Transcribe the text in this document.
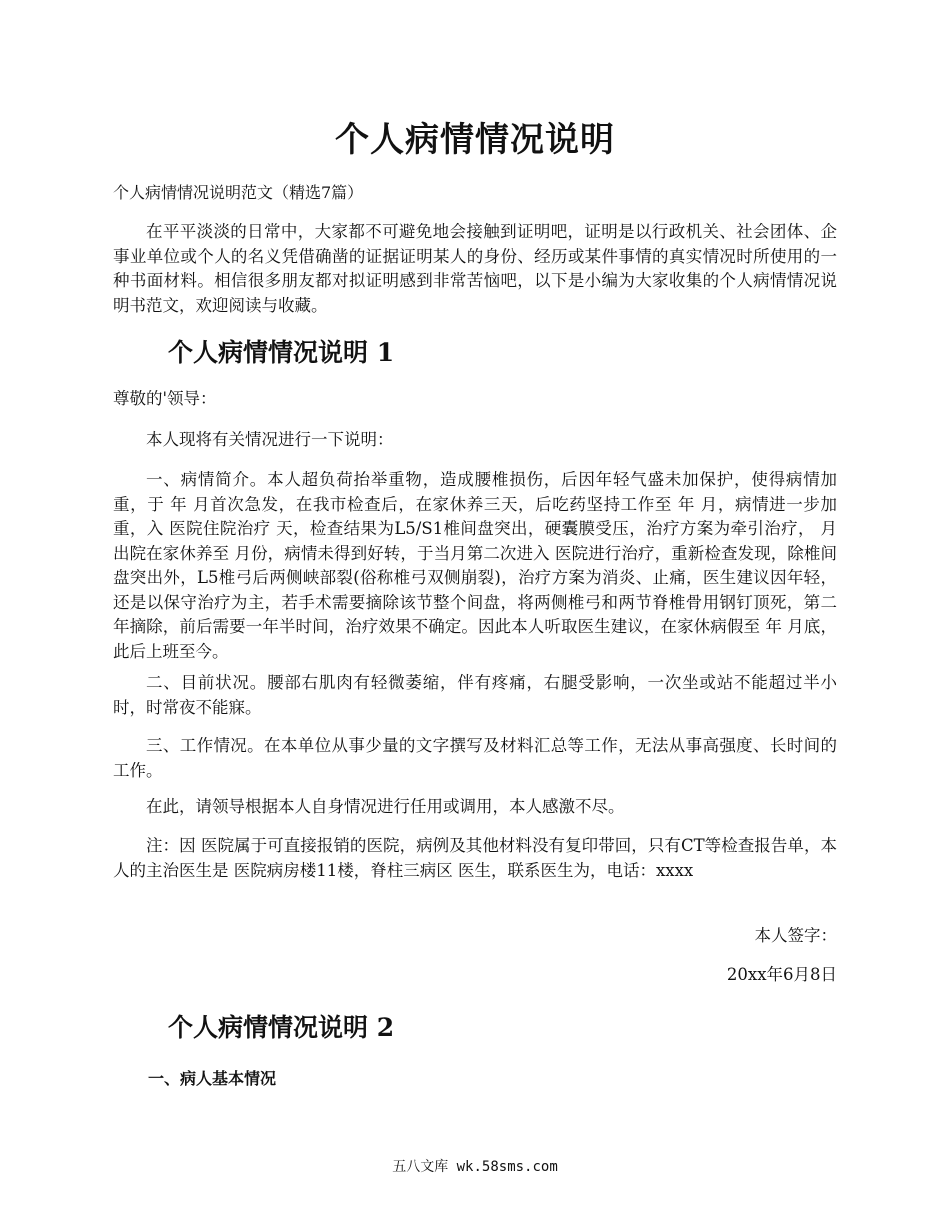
个人病情情况说明
个人病情情况说明范文（精选7篇）

在平平淡淡的日常中，大家都不可避免地会接触到证明吧，证明是以行政机关、社会团体、企事业单位或个人的名义凭借确凿的证据证明某人的身份、经历或某件事情的真实情况时所使用的一种书面材料。相信很多朋友都对拟证明感到非常苦恼吧，以下是小编为大家收集的个人病情情况说明书范文，欢迎阅读与收藏。

个人病情情况说明 1

尊敬的'领导：

本人现将有关情况进行一下说明：

一、病情简介。本人超负荷抬举重物，造成腰椎损伤，后因年轻气盛未加保护，使得病情加重，于 年 月首次急发，在我市检查后，在家休养三天，后吃药坚持工作至 年 月，病情进一步加重，入 医院住院治疗 天，检查结果为L5/S1椎间盘突出，硬囊膜受压，治疗方案为牵引治疗， 月出院在家休养至 月份，病情未得到好转，于当月第二次进入 医院进行治疗，重新检查发现，除椎间盘突出外，L5椎弓后两侧峡部裂(俗称椎弓双侧崩裂)，治疗方案为消炎、止痛，医生建议因年轻，还是以保守治疗为主，若手术需要摘除该节整个间盘，将两侧椎弓和两节脊椎骨用钢钉顶死，第二年摘除，前后需要一年半时间，治疗效果不确定。因此本人听取医生建议，在家休病假至 年 月底，此后上班至今。

二、目前状况。腰部右肌肉有轻微萎缩，伴有疼痛，右腿受影响，一次坐或站不能超过半小时，时常夜不能寐。

三、工作情况。在本单位从事少量的文字撰写及材料汇总等工作，无法从事高强度、长时间的工作。

在此，请领导根据本人自身情况进行任用或调用，本人感激不尽。

注：因 医院属于可直接报销的医院，病例及其他材料没有复印带回，只有CT等检查报告单，本人的主治医生是 医院病房楼11楼，脊柱三病区 医生，联系医生为，电话：xxxx

本人签字：
20xx年6月8日
个人病情情况说明 2
一、病人基本情况
五八文库 wk.58sms.com
